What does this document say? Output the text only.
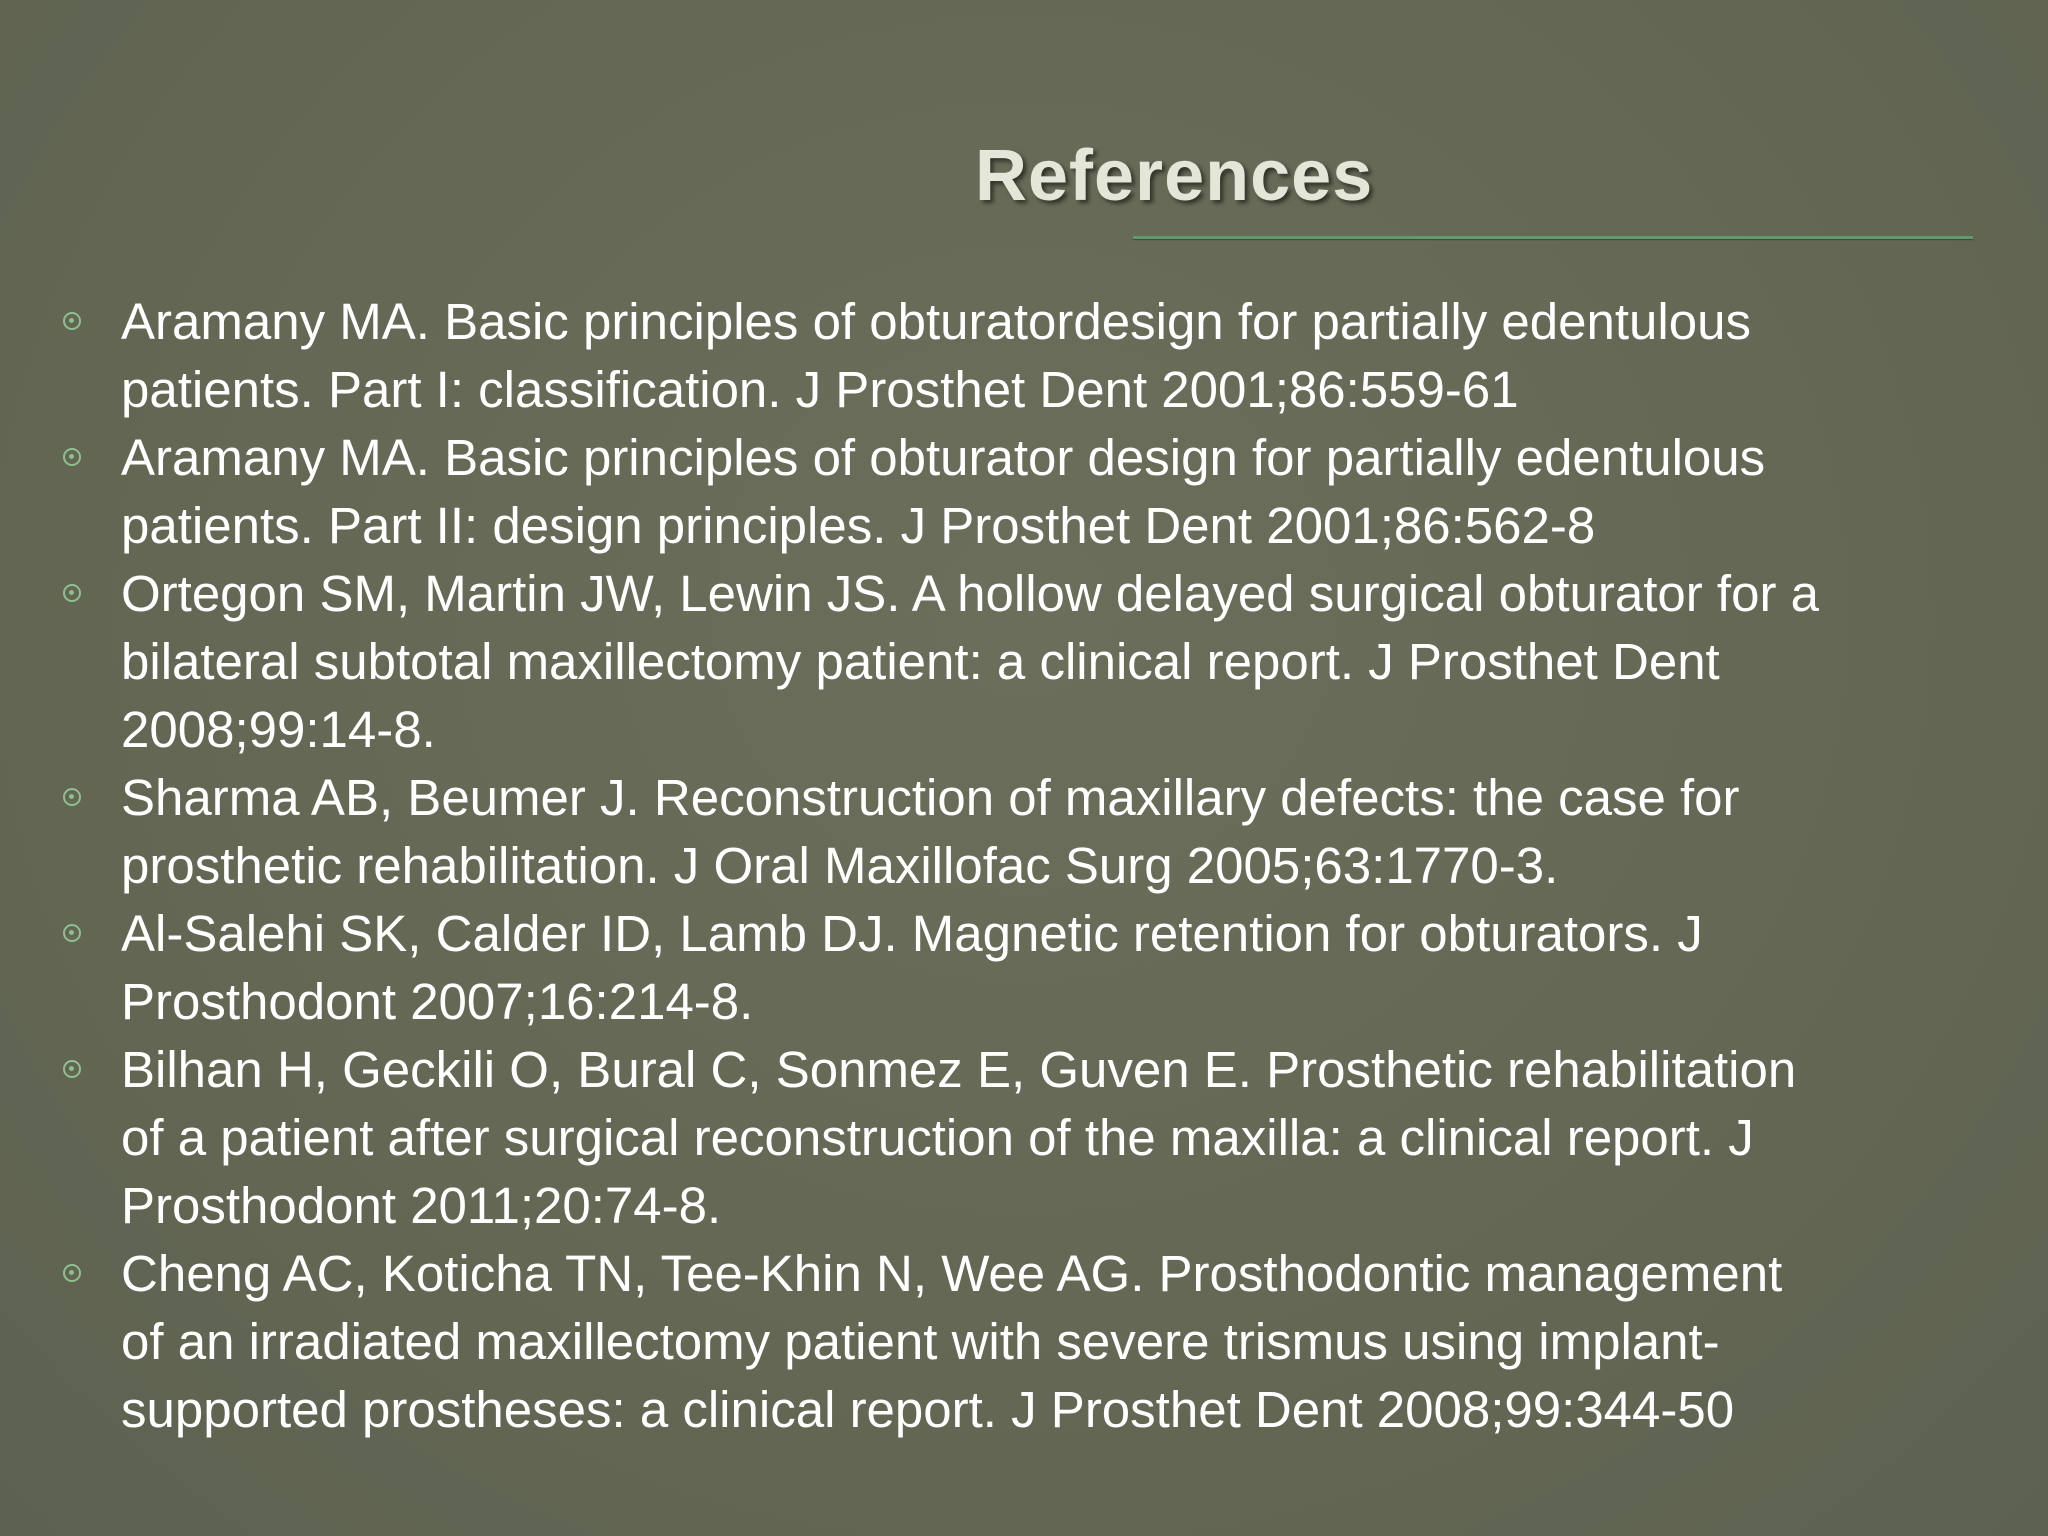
References
Aramany MA. Basic principles of obturatordesign for partially edentulous
patients. Part I: classification. J Prosthet Dent 2001;86:559-61
Aramany MA. Basic principles of obturator design for partially edentulous
patients. Part II: design principles. J Prosthet Dent 2001;86:562-8
Ortegon SM, Martin JW, Lewin JS. A hollow delayed surgical obturator for a
bilateral subtotal maxillectomy patient: a clinical report. J Prosthet Dent
2008;99:14-8.
Sharma AB, Beumer J. Reconstruction of maxillary defects: the case for
prosthetic rehabilitation. J Oral Maxillofac Surg 2005;63:1770-3.
Al-Salehi SK, Calder ID, Lamb DJ. Magnetic retention for obturators. J
Prosthodont 2007;16:214-8.
Bilhan H, Geckili O, Bural C, Sonmez E, Guven E. Prosthetic rehabilitation
of a patient after surgical reconstruction of the maxilla: a clinical report. J
Prosthodont 2011;20:74-8.
Cheng AC, Koticha TN, Tee-Khin N, Wee AG. Prosthodontic management
of an irradiated maxillectomy patient with severe trismus using implant-
supported prostheses: a clinical report. J Prosthet Dent 2008;99:344-50
